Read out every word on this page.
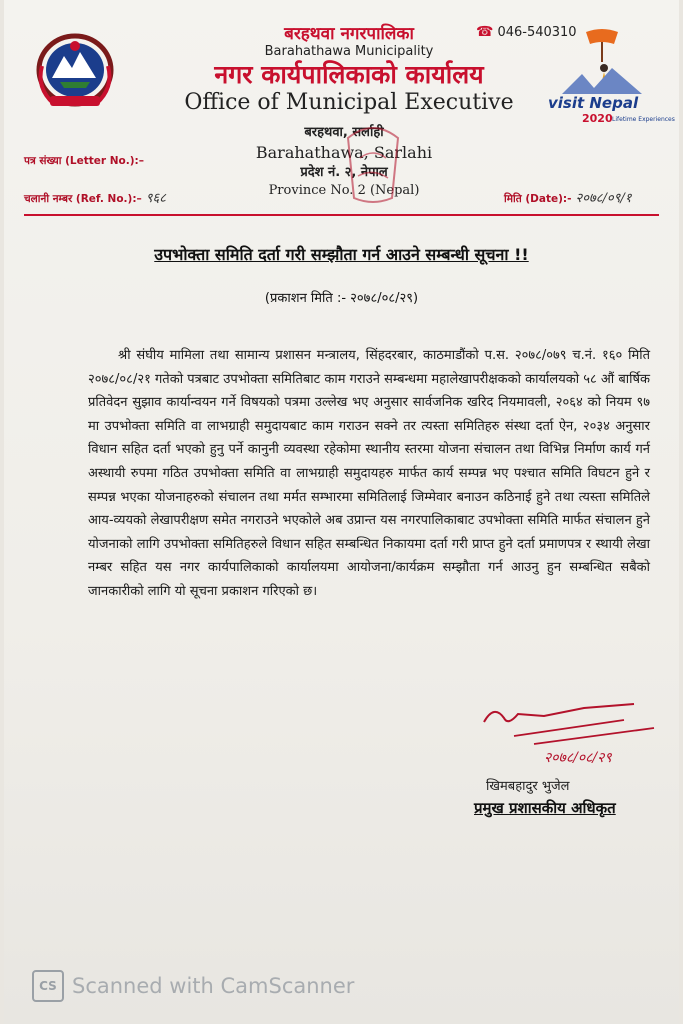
बरहथवा नगरपालिका
Barahathawa Municipality
नगर कार्यपालिकाको कार्यालय
Office of Municipal Executive
☎ 046-540310
visit Nepal
2020 Lifetime Experiences
बरहथवा, सर्लाही
Barahathawa, Sarlahi
प्रदेश नं. २, नेपाल
Province No. 2 (Nepal)
पत्र संख्या (Letter No.):–
चलानी नम्बर (Ref. No.):– ९६८	मिति (Date):- २०७८/०९/१
उपभोक्ता समिति दर्ता गरी सम्झौता गर्न आउने सम्बन्धी सूचना !!
(प्रकाशन मिति :- २०७८/०८/२९)

श्री संघीय मामिला तथा सामान्य प्रशासन मन्त्रालय, सिंहदरबार, काठमाडौंको प.स. २०७८/०७९ च.नं. १६० मिति २०७८/०८/२१ गतेको पत्रबाट उपभोक्ता समितिबाट काम गराउने सम्बन्धमा महालेखापरीक्षकको कार्यालयको ५८ औं बार्षिक प्रतिवेदन सुझाव कार्यान्वयन गर्ने विषयको पत्रमा उल्लेख भए अनुसार सार्वजनिक खरिद नियमावली, २०६४ को नियम ९७ मा उपभोक्ता समिति वा लाभग्राही समुदायबाट काम गराउन सक्ने तर त्यस्ता समितिहरु संस्था दर्ता ऐन, २०३४ अनुसार विधान सहित दर्ता भएको हुनु पर्ने कानुनी व्यवस्था रहेकोमा स्थानीय स्तरमा योजना संचालन तथा विभिन्न निर्माण कार्य गर्न अस्थायी रुपमा गठित उपभोक्ता समिति वा लाभग्राही समुदायहरु मार्फत कार्य सम्पन्न भए पश्चात समिति विघटन हुने र सम्पन्न भएका योजनाहरुको संचालन तथा मर्मत सम्भारमा समितिलाई जिम्मेवार बनाउन कठिनाई हुने तथा त्यस्ता समितिले आय-व्ययको लेखापरीक्षण समेत नगराउने भएकोले अब उप्रान्त यस नगरपालिकाबाट उपभोक्ता समिति मार्फत संचालन हुने योजनाको लागि उपभोक्ता समितिहरुले विधान सहित सम्बन्धित निकायमा दर्ता गरी प्राप्त हुने दर्ता प्रमाणपत्र र स्थायी लेखा नम्बर सहित यस नगर कार्यपालिकाको कार्यालयमा आयोजना/कार्यक्रम सम्झौता गर्न आउनु हुन सम्बन्धित सबैको जानकारीको लागि यो सूचना प्रकाशन गरिएको छ।

२०७८/०८/२९
खिमबहादुर भुजेल
प्रमुख प्रशासकीय अधिकृत
CS Scanned with CamScanner
